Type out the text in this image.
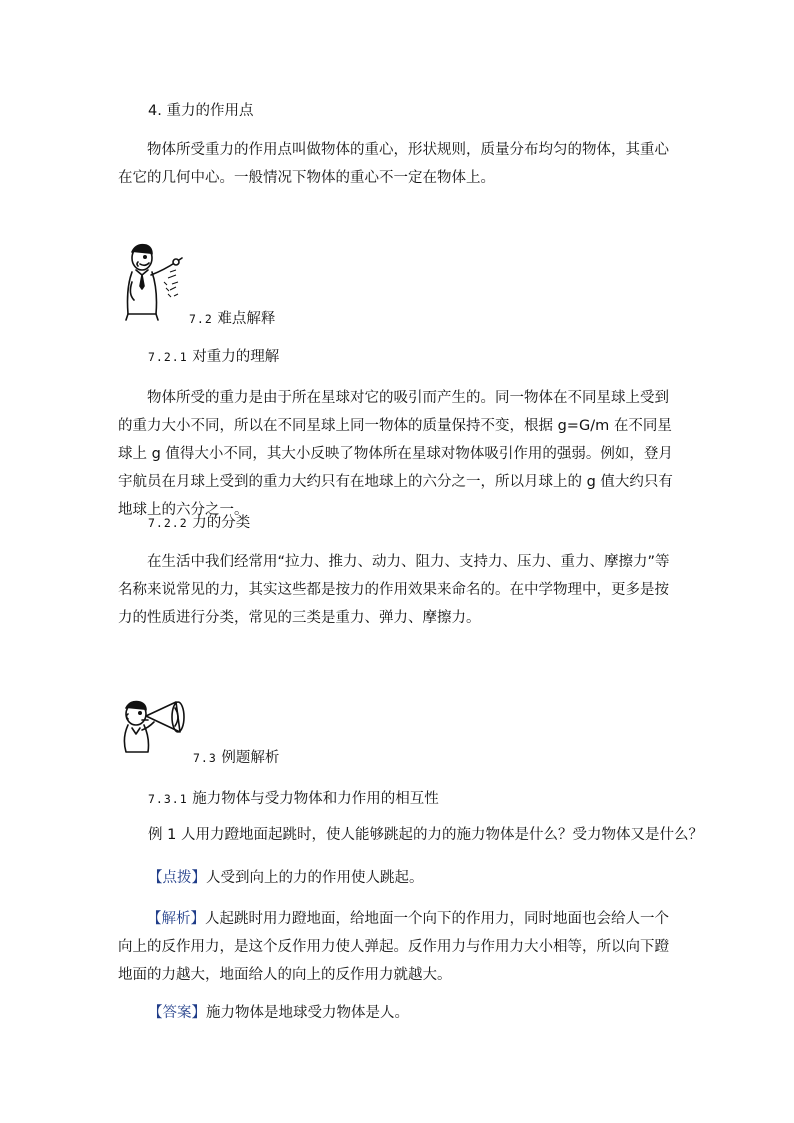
4. 重力的作用点
物体所受重力的作用点叫做物体的重心，形状规则，质量分布均匀的物体，其重心在它的几何中心。一般情况下物体的重心不一定在物体上。
7.2 难点解释
7.2.1 对重力的理解
物体所受的重力是由于所在星球对它的吸引而产生的。同一物体在不同星球上受到的重力大小不同，所以在不同星球上同一物体的质量保持不变，根据 g=G/m 在不同星球上 g 值得大小不同，其大小反映了物体所在星球对物体吸引作用的强弱。例如，登月宇航员在月球上受到的重力大约只有在地球上的六分之一，所以月球上的 g 值大约只有地球上的六分之一。
7.2.2 力的分类
在生活中我们经常用“拉力、推力、动力、阻力、支持力、压力、重力、摩擦力”等名称来说常见的力，其实这些都是按力的作用效果来命名的。在中学物理中，更多是按力的性质进行分类，常见的三类是重力、弹力、摩擦力。
7.3 例题解析
7.3.1 施力物体与受力物体和力作用的相互性
例 1 人用力蹬地面起跳时，使人能够跳起的力的施力物体是什么？受力物体又是什么？
【点拨】人受到向上的力的作用使人跳起。
【解析】人起跳时用力蹬地面，给地面一个向下的作用力，同时地面也会给人一个向上的反作用力，是这个反作用力使人弹起。反作用力与作用力大小相等，所以向下蹬地面的力越大，地面给人的向上的反作用力就越大。
【答案】施力物体是地球受力物体是人。
